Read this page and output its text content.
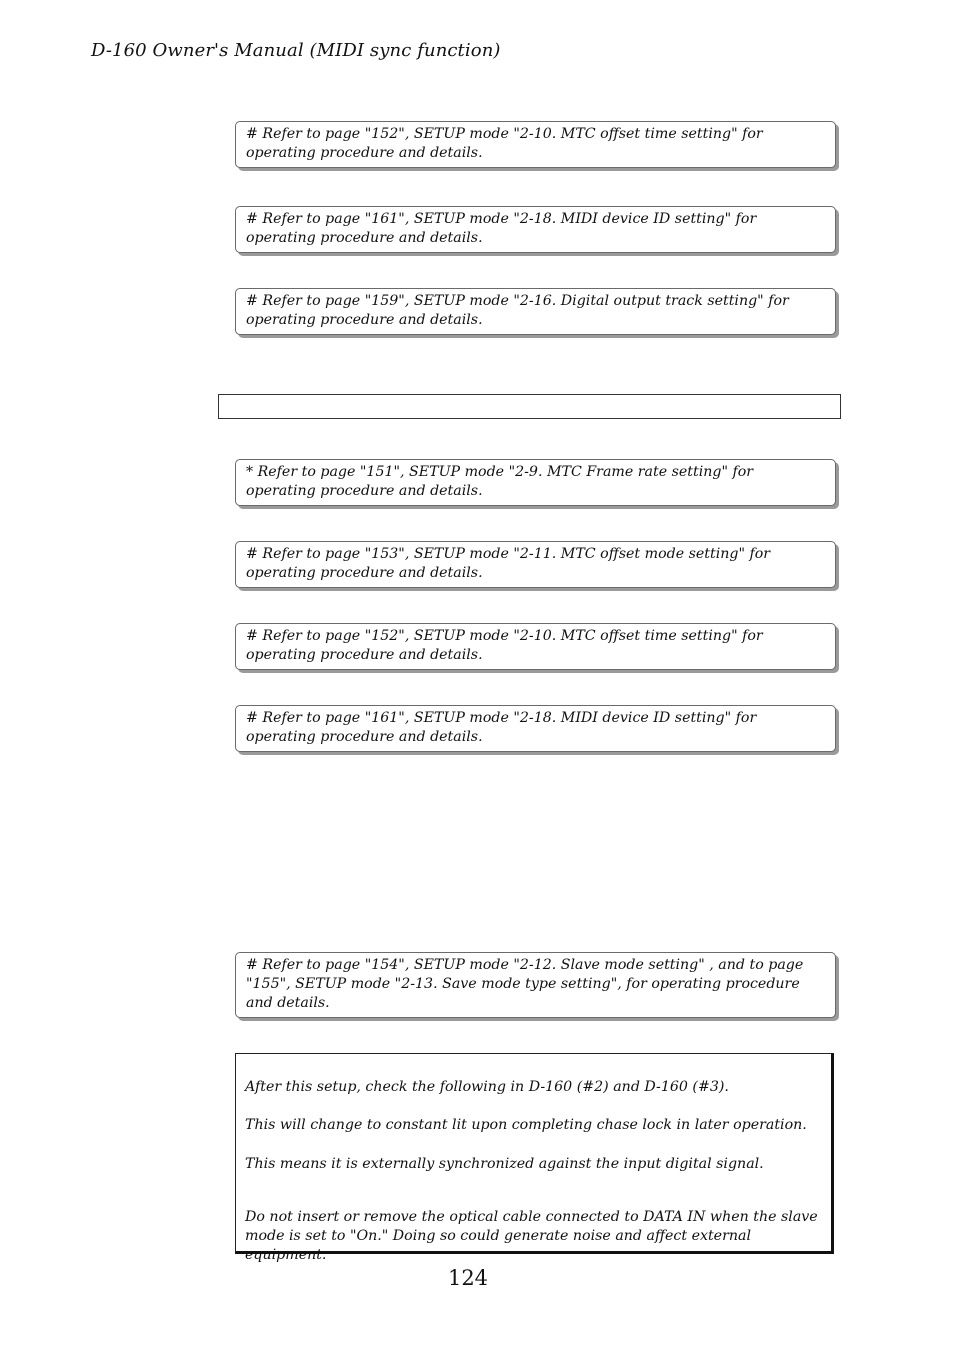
D-160 Owner's Manual (MIDI sync function)
# Refer to page "152", SETUP mode "2-10. MTC offset time setting" for operating procedure and details.
# Refer to page "161", SETUP mode "2-18. MIDI device ID setting" for operating procedure and details.
# Refer to page "159", SETUP mode "2-16. Digital output track setting" for operating procedure and details.
* Refer to page "151", SETUP mode "2-9. MTC Frame rate setting" for operating procedure and details.
# Refer to page "153", SETUP mode "2-11. MTC offset mode setting" for operating procedure and details.
# Refer to page "152", SETUP mode "2-10. MTC offset time setting" for operating procedure and details.
# Refer to page "161", SETUP mode "2-18. MIDI device ID setting" for operating procedure and details.
# Refer to page "154", SETUP mode "2-12. Slave mode setting" , and to page "155", SETUP mode "2-13. Save mode type setting", for operating procedure and details.

After this setup, check the following in D-160 (#2) and D-160 (#3).

This will change to constant lit upon completing chase lock in later operation.

This means it is externally synchronized against the input digital signal.

Do not insert or remove the optical cable connected to DATA IN when the slave mode is set to "On." Doing so could generate noise and affect external equipment.

124
